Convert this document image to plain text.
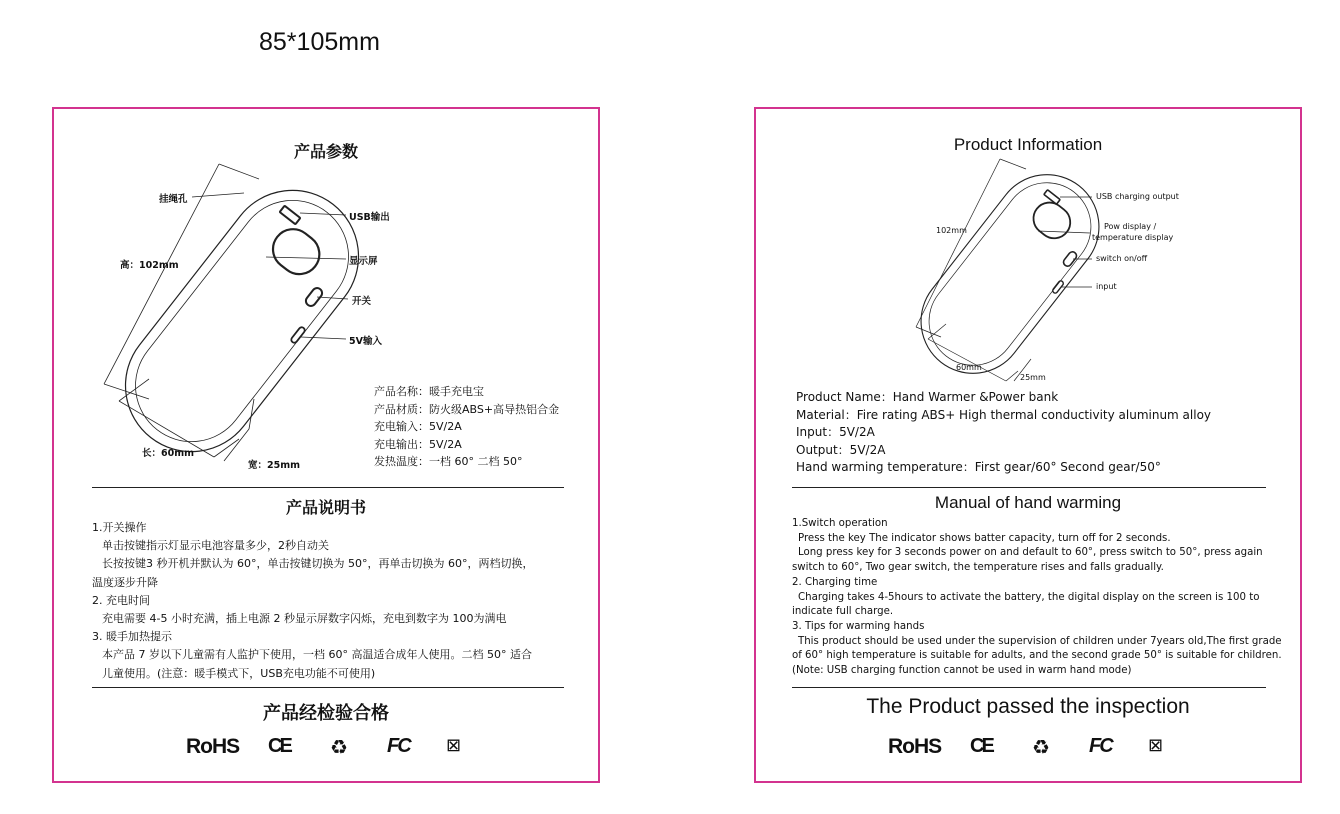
85*105mm
产品参数
挂绳孔
USB输出
显示屏
开关
5V输入
高：102mm
长：60mm
宽：25mm
产品名称：暖手充电宝
产品材质：防火级ABS+高导热铝合金
充电输入：5V/2A
充电输出：5V/2A
发热温度：一档 60° 二档 50°
产品说明书
1.开关操作
单击按键指示灯显示电池容量多少，2秒自动关
长按按键3 秒开机并默认为 60°，单击按键切换为 50°，再单击切换为 60°，两档切换，
温度逐步升降
2. 充电时间
充电需要 4-5 小时充满，插上电源 2 秒显示屏数字闪烁，充电到数字为 100为满电
3. 暖手加热提示
本产品 7 岁以下儿童需有人监护下使用，一档 60° 高温适合成年人使用。二档 50° 适合
儿童使用。(注意：暖手模式下，USB充电功能不可使用)
产品经检验合格
RoHS CE ♻ FC ⊠
Product Information
USB charging output
Pow display /
temperature display
switch on/off
input
102mm
60mm
25mm
Product Name：Hand Warmer &Power bank
Material：Fire rating ABS+ High thermal conductivity aluminum alloy
Input：5V/2A
Output：5V/2A
Hand warming temperature：First gear/60° Second gear/50°
Manual of hand warming
1.Switch operation
Press the key The indicator shows batter capacity, turn off for 2 seconds.
Long press key for 3 seconds power on and default to 60°, press switch to 50°, press again
switch to 60°, Two gear switch, the temperature rises and falls gradually.
2. Charging time
Charging takes 4-5hours to activate the battery, the digital display on the screen is 100 to
indicate full charge.
3. Tips for warming hands
This product should be used under the supervision of children under 7years old,The first grade
of 60° high temperature is suitable for adults, and the second grade 50° is suitable for children.
(Note: USB charging function cannot be used in warm hand mode)
The Product passed the inspection
RoHS CE ♻ FC ⊠
